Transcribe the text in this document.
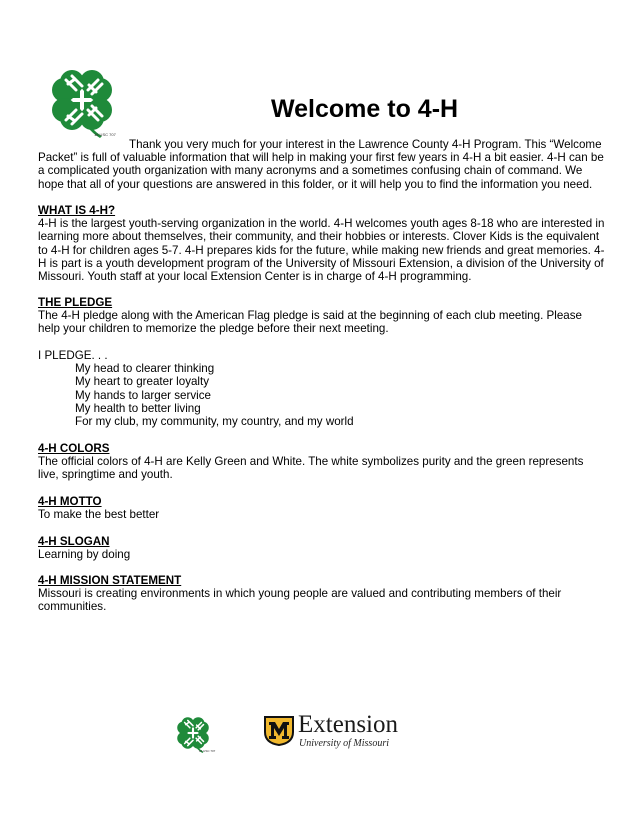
18 USC 707
Welcome to 4-H

Thank you very much for your interest in the Lawrence County 4-H Program. This “Welcome Packet” is full of valuable information that will help in making your first few years in 4-H a bit easier. 4-H can be a complicated youth organization with many acronyms and a sometimes confusing chain of command. We hope that all of your questions are answered in this folder, or it will help you to find the information you need.

WHAT IS 4-H?

4-H is the largest youth-serving organization in the world. 4-H welcomes youth ages 8-18 who are interested in learning more about themselves, their community, and their hobbies or interests. Clover Kids is the equivalent to 4-H for children ages 5-7. 4-H prepares kids for the future, while making new friends and great memories. 4-H is part is a youth development program of the University of Missouri Extension, a division of the University of Missouri. Youth staff at your local Extension Center is in charge of 4-H programming.

THE PLEDGE

The 4-H pledge along with the American Flag pledge is said at the beginning of each club meeting. Please help your children to memorize the pledge before their next meeting.

I PLEDGE. . .

My head to clearer thinking

My heart to greater loyalty

My hands to larger service

My health to better living

For my club, my community, my country, and my world

4-H COLORS

The official colors of 4-H are Kelly Green and White. The white symbolizes purity and the green represents live, springtime and youth.

4-H MOTTO

To make the best better

4-H SLOGAN

Learning by doing

4-H MISSION STATEMENT

Missouri is creating environments in which young people are valued and contributing members of their communities.

18 USC 707

Extension

University of Missouri
